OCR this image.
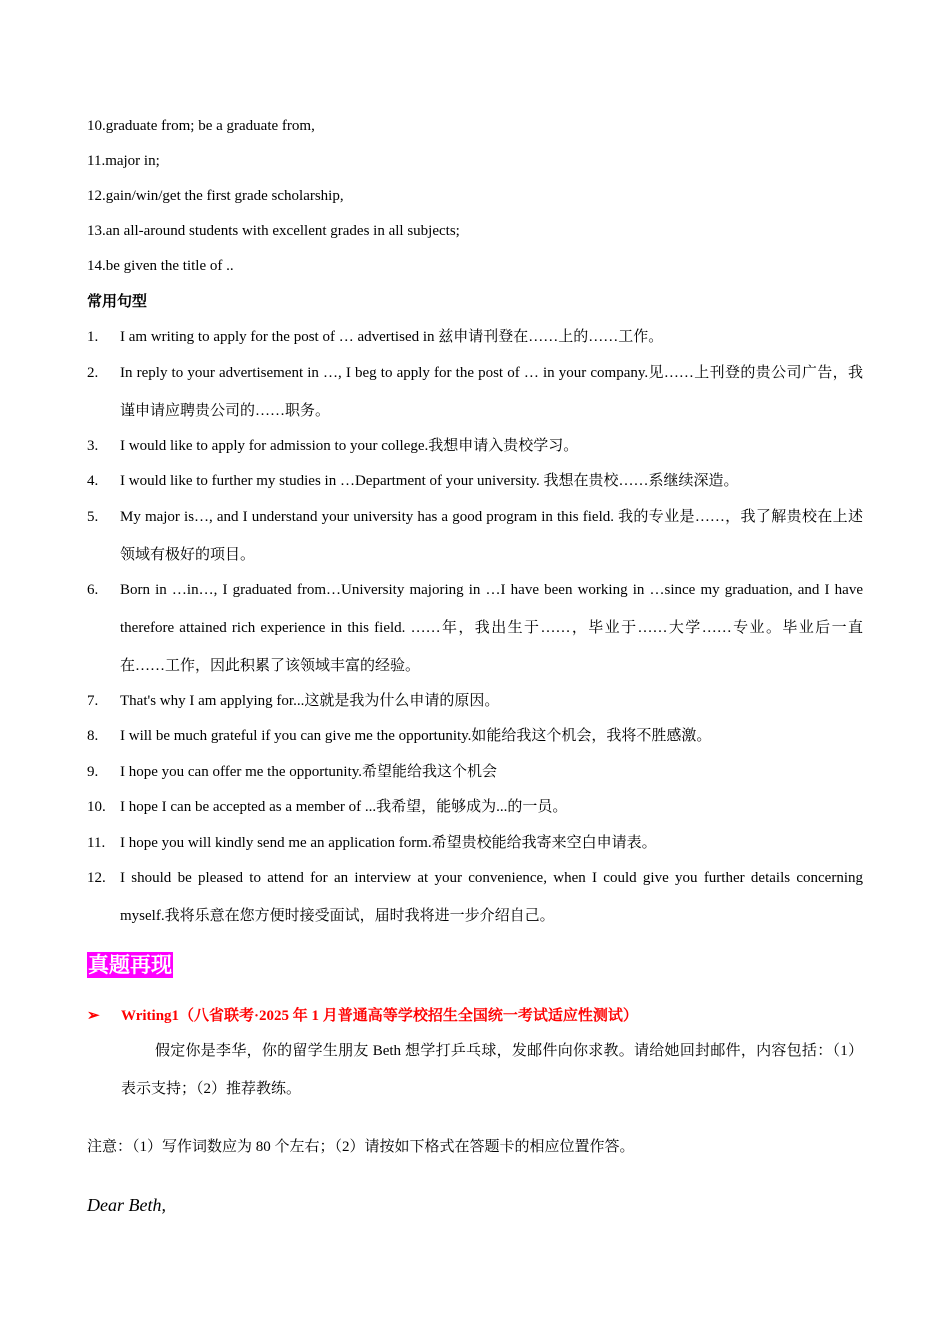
10.graduate from; be a graduate from,
11.major in;
12.gain/win/get the first grade scholarship,
13.an all-around students with excellent grades in all subjects;
14.be given the title of ..
常用句型
1. I am writing to apply for the post of … advertised in 兹申请刊登在……上的……工作。
2. In reply to your advertisement in …, I beg to apply for the post of … in your company.见……上刊登的贵公司广告，我谨申请应聘贵公司的……职务。
3. I would like to apply for admission to your college.我想申请入贵校学习。
4. I would like to further my studies in …Department of your university. 我想在贵校……系继续深造。
5. My major is…, and I understand your university has a good program in this field. 我的专业是……，我了解贵校在上述领域有极好的项目。
6. Born in …in…, I graduated from…University majoring in …I have been working in …since my graduation, and I have therefore attained rich experience in this field. ……年，我出生于……，毕业于……大学……专业。毕业后一直在……工作，因此积累了该领域丰富的经验。
7. That's why I am applying for...这就是我为什么申请的原因。
8. I will be much grateful if you can give me the opportunity.如能给我这个机会，我将不胜感激。
9. I hope you can offer me the opportunity.希望能给我这个机会
10. I hope I can be accepted as a member of ...我希望，能够成为...的一员。
11. I hope you will kindly send me an application form.希望贵校能给我寄来空白申请表。
12. I should be pleased to attend for an interview at your convenience, when I could give you further details concerning myself.我将乐意在您方便时接受面试，届时我将进一步介绍自己。
真题再现
➢ Writing1（八省联考·2025 年 1 月普通高等学校招生全国统一考试适应性测试）
假定你是李华，你的留学生朋友 Beth 想学打乒乓球，发邮件向你求教。请给她回封邮件，内容包括：（1）表示支持；（2）推荐教练。
注意：（1）写作词数应为 80 个左右；（2）请按如下格式在答题卡的相应位置作答。
Dear Beth,
